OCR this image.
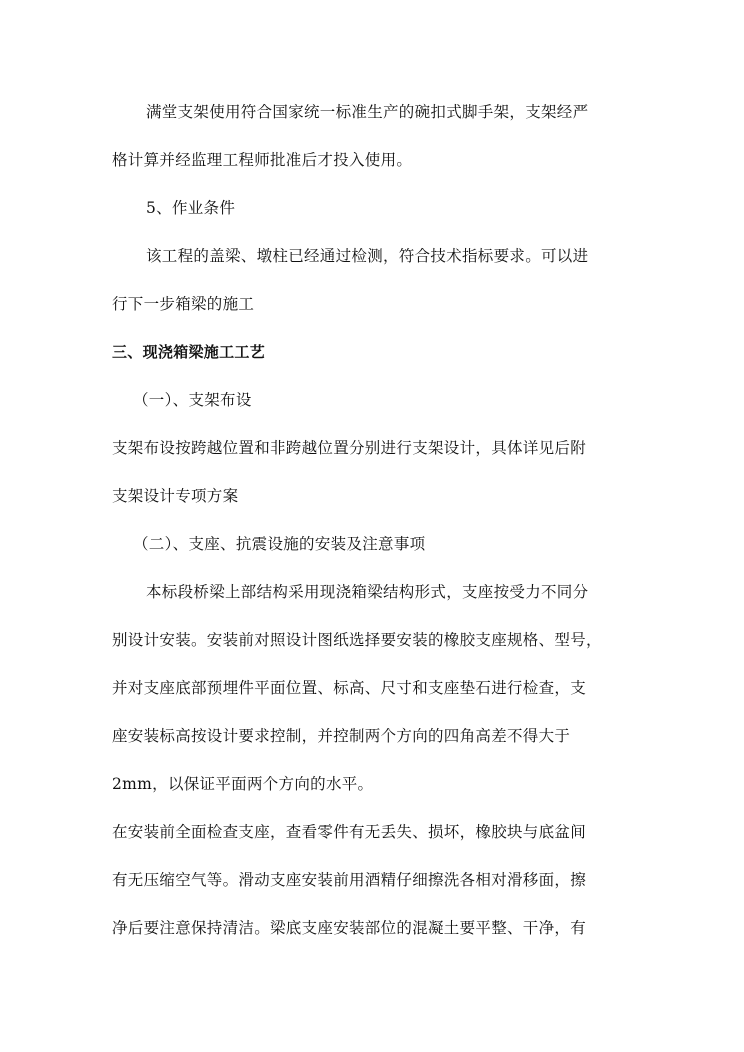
满堂支架使用符合国家统一标准生产的碗扣式脚手架，支架经严
格计算并经监理工程师批准后才投入使用。
5、作业条件
该工程的盖梁、墩柱已经通过检测，符合技术指标要求。可以进
行下一步箱梁的施工
三、现浇箱梁施工工艺
（一）、支架布设
支架布设按跨越位置和非跨越位置分别进行支架设计，具体详见后附
支架设计专项方案
（二）、支座、抗震设施的安装及注意事项
本标段桥梁上部结构采用现浇箱梁结构形式，支座按受力不同分
别设计安装。安装前对照设计图纸选择要安装的橡胶支座规格、型号，
并对支座底部预埋件平面位置、标高、尺寸和支座垫石进行检查，支
座安装标高按设计要求控制，并控制两个方向的四角高差不得大于
2mm，以保证平面两个方向的水平。
在安装前全面检查支座，查看零件有无丢失、损坏，橡胶块与底盆间
有无压缩空气等。滑动支座安装前用酒精仔细擦洗各相对滑移面，擦
净后要注意保持清洁。梁底支座安装部位的混凝土要平整、干净，有
